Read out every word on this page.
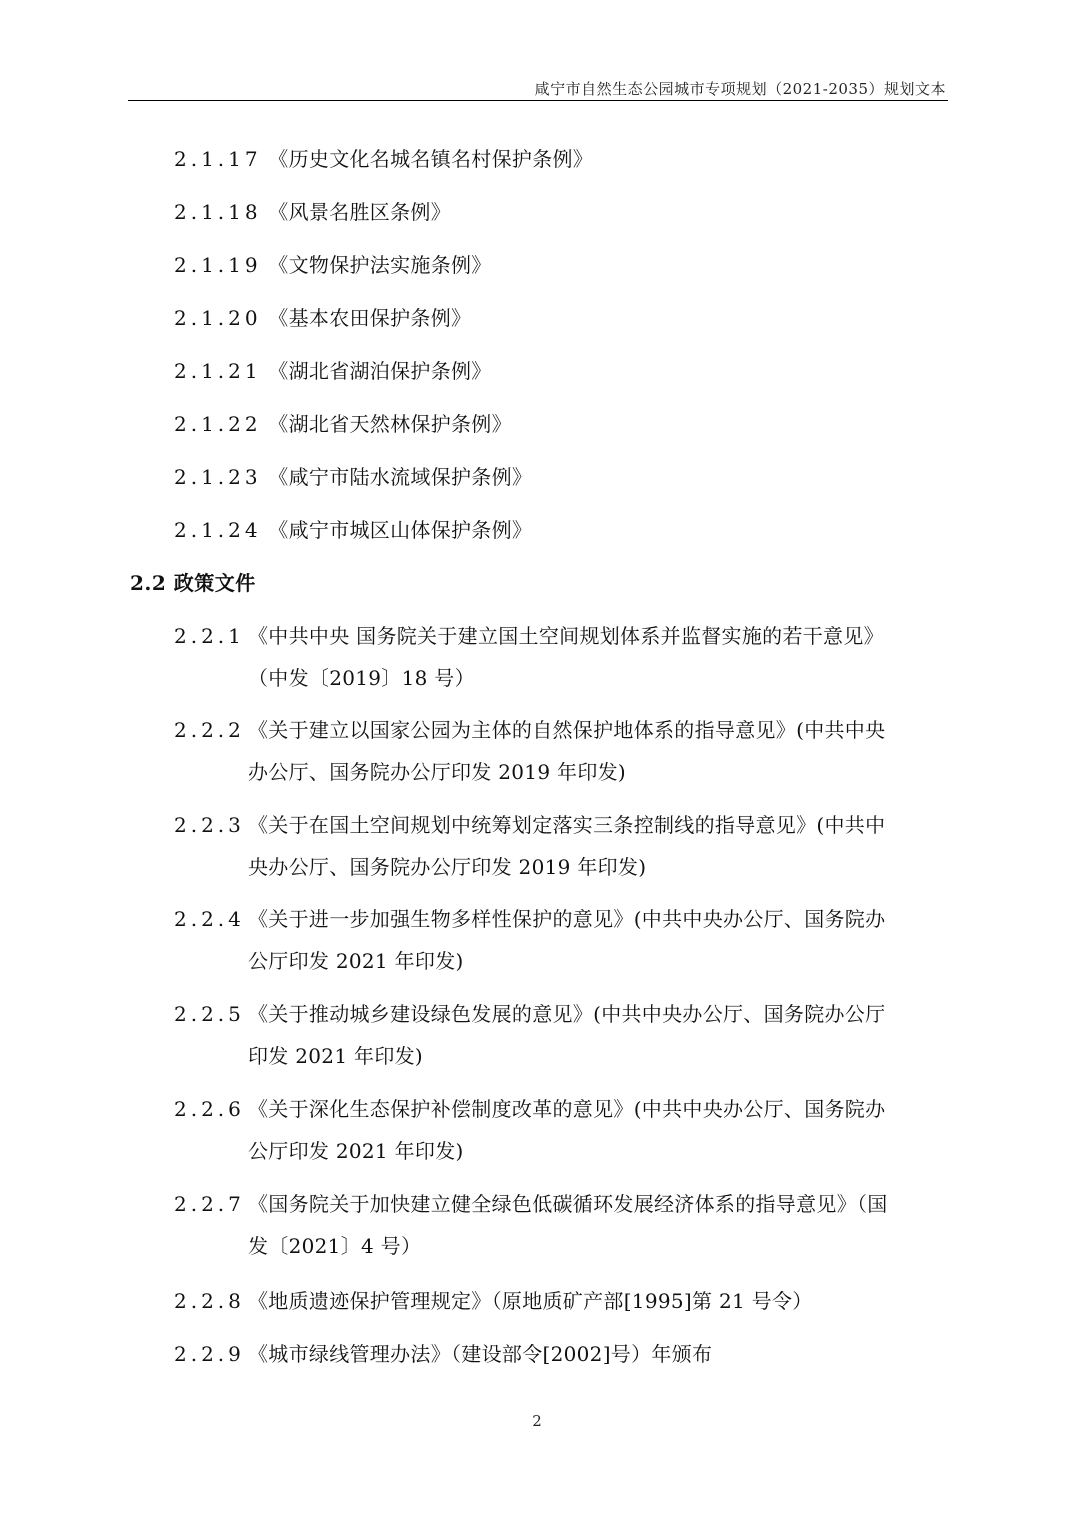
咸宁市自然生态公园城市专项规划（2021-2035）规划文本
2.1.17 《历史文化名城名镇名村保护条例》
2.1.18 《风景名胜区条例》
2.1.19 《文物保护法实施条例》
2.1.20 《基本农田保护条例》
2.1.21 《湖北省湖泊保护条例》
2.1.22 《湖北省天然林保护条例》
2.1.23 《咸宁市陆水流域保护条例》
2.1.24 《咸宁市城区山体保护条例》
2.2 政策文件
2.2.1 《中共中央 国务院关于建立国土空间规划体系并监督实施的若干意见》
（中发〔2019〕18 号）
2.2.2 《关于建立以国家公园为主体的自然保护地体系的指导意见》(中共中央
办公厅、国务院办公厅印发 2019 年印发)
2.2.3 《关于在国土空间规划中统筹划定落实三条控制线的指导意见》(中共中
央办公厅、国务院办公厅印发 2019 年印发)
2.2.4 《关于进一步加强生物多样性保护的意见》(中共中央办公厅、国务院办
公厅印发 2021 年印发)
2.2.5 《关于推动城乡建设绿色发展的意见》(中共中央办公厅、国务院办公厅
印发 2021 年印发)
2.2.6 《关于深化生态保护补偿制度改革的意见》(中共中央办公厅、国务院办
公厅印发 2021 年印发)
2.2.7 《国务院关于加快建立健全绿色低碳循环发展经济体系的指导意见》（国
发〔2021〕4 号）
2.2.8 《地质遗迹保护管理规定》（原地质矿产部[1995]第 21 号令）
2.2.9 《城市绿线管理办法》（建设部令[2002]号）年颁布
2
